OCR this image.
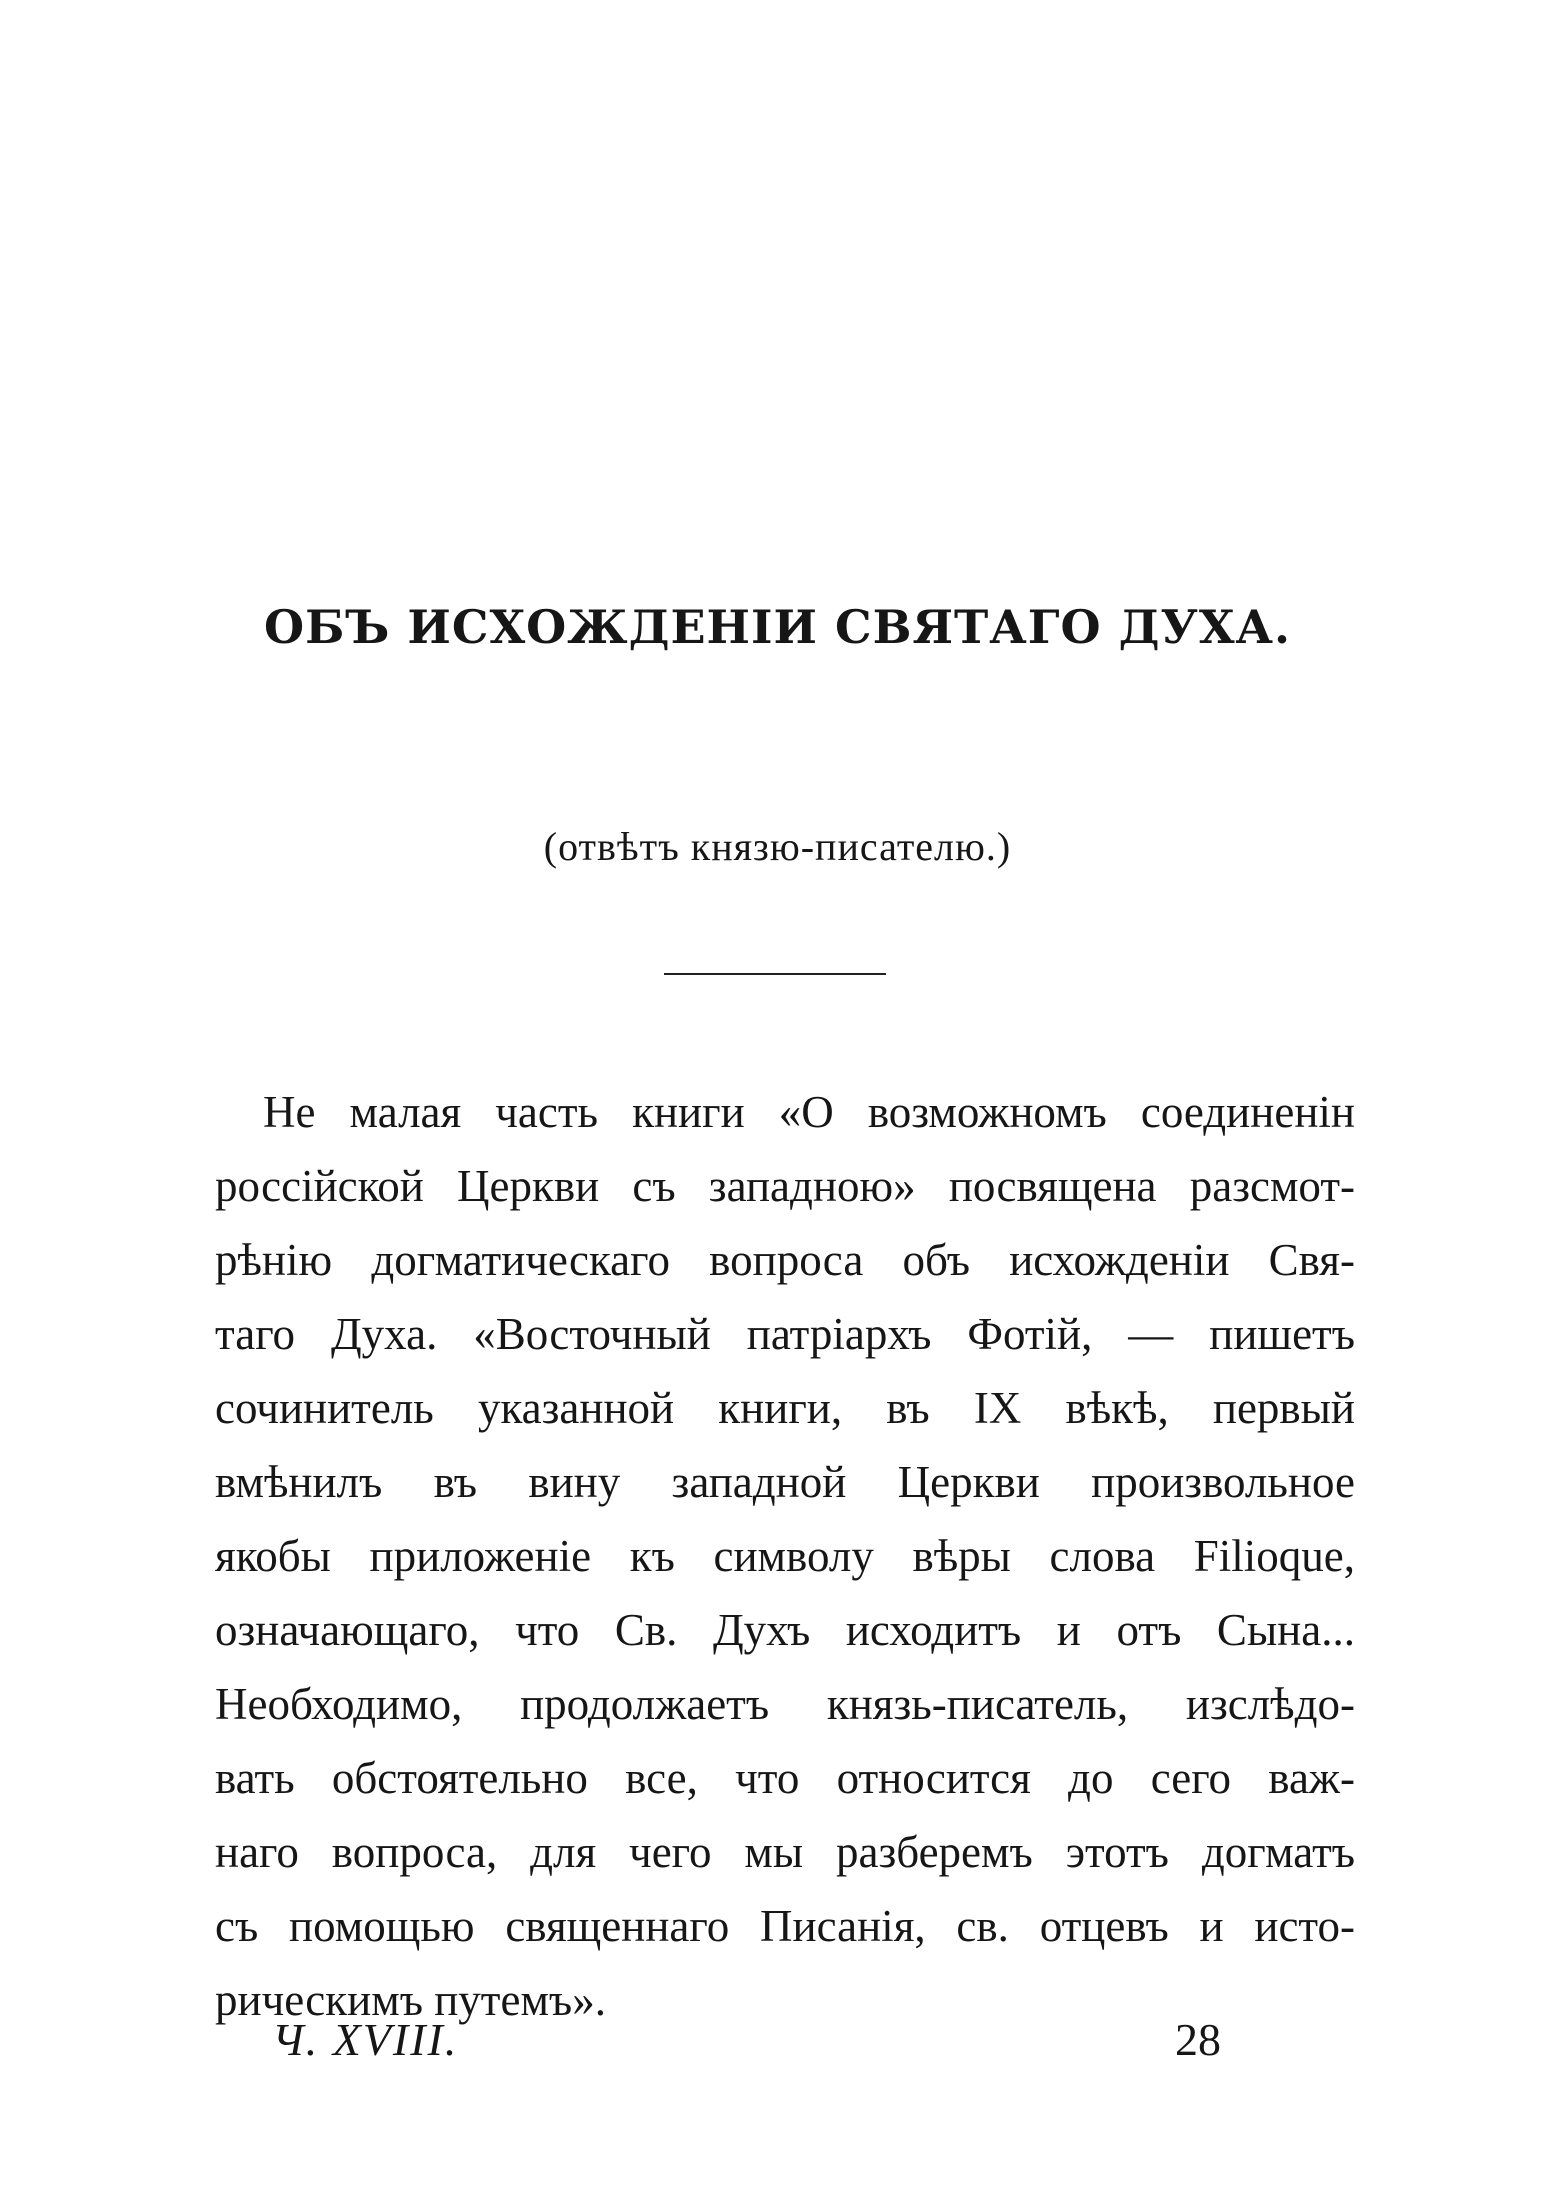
ОБЪ ИСХОЖДЕНІИ СВЯТАГО ДУХА.
(отвѣтъ князю-писателю.)
Не малая часть книги «О возможномъ соединенін
россійской Церкви съ западною» посвящена разсмот-
рѣнію догматическаго вопроса объ исхожденіи Свя-
таго Духа. «Восточный патріархъ Фотій, — пишетъ
сочинитель указанной книги, въ IX вѣкѣ, первый
вмѣнилъ въ вину западной Церкви произвольное
якобы приложеніе къ символу вѣры слова Filioque,
означающаго, что Св. Духъ исходитъ и отъ Сына...
Необходимо, продолжаетъ князь-писатель, изслѣдо-
вать обстоятельно все, что относится до сего важ-
наго вопроса, для чего мы разберемъ этотъ догматъ
съ помощью священнаго Писанія, св. отцевъ и исто-
рическимъ путемъ».
Ч. XVIII.	28
